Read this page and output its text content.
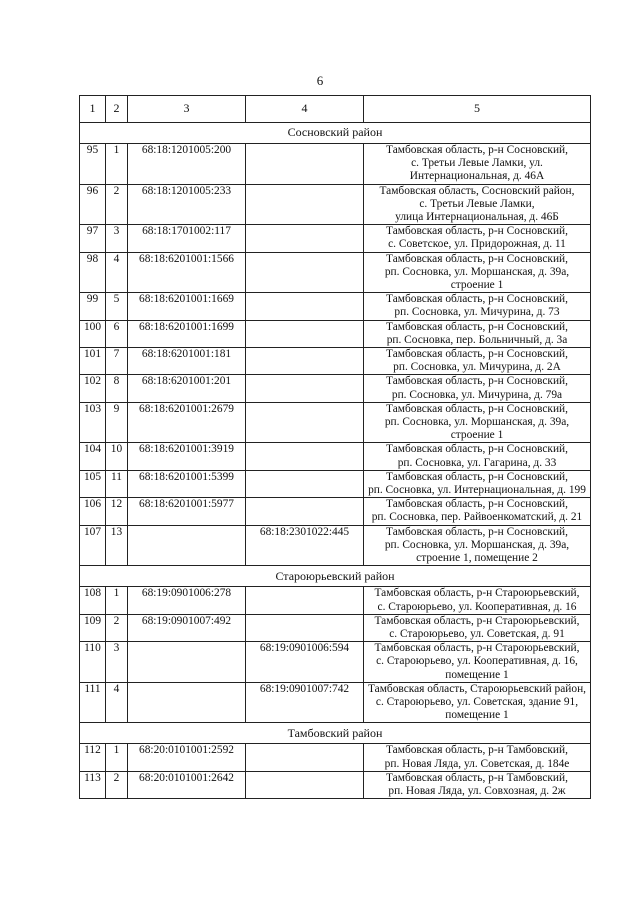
6
1	2	3	4	5
Сосновский район				
95	1	68:18:1201005:200		Тамбовская область, р-н Сосновский,
с. Третьи Левые Ламки, ул.
Интернациональная, д. 46А

96	2	68:18:1201005:233		Тамбовская область, Сосновский район,
с. Третьи Левые Ламки,
улица Интернациональная, д. 46Б

97	3	68:18:1701002:117		Тамбовская область, р-н Сосновский,
с. Советское, ул. Придорожная, д. 11

98	4	68:18:6201001:1566		Тамбовская область, р-н Сосновский,
рп. Сосновка, ул. Моршанская, д. 39а,
строение 1

99	5	68:18:6201001:1669		Тамбовская область, р-н Сосновский,
рп. Сосновка, ул. Мичурина, д. 73

100	6	68:18:6201001:1699		Тамбовская область, р-н Сосновский,
рп. Сосновка, пер. Больничный, д. 3а

101	7	68:18:6201001:181		Тамбовская область, р-н Сосновский,
рп. Сосновка, ул. Мичурина, д. 2А

102	8	68:18:6201001:201		Тамбовская область, р-н Сосновский,
рп. Сосновка, ул. Мичурина, д. 79а

103	9	68:18:6201001:2679		Тамбовская область, р-н Сосновский,
рп. Сосновка, ул. Моршанская, д. 39а,
строение 1

104	10	68:18:6201001:3919		Тамбовская область, р-н Сосновский,
рп. Сосновка, ул. Гагарина, д. 33

105	11	68:18:6201001:5399		Тамбовская область, р-н Сосновский,
рп. Сосновка, ул. Интернациональная, д. 199

106	12	68:18:6201001:5977		Тамбовская область, р-н Сосновский,
рп. Сосновка, пер. Райвоенкоматский, д. 21

107	13		68:18:2301022:445	Тамбовская область, р-н Сосновский,
рп. Сосновка, ул. Моршанская, д. 39а,
строение 1, помещение 2

Староюрьевский район				
108	1	68:19:0901006:278		Тамбовская область, р-н Староюрьевский,
с. Староюрьево, ул. Кооперативная, д. 16

109	2	68:19:0901007:492		Тамбовская область, р-н Староюрьевский,
с. Староюрьево, ул. Советская, д. 91

110	3		68:19:0901006:594	Тамбовская область, р-н Староюрьевский,
с. Староюрьево, ул. Кооперативная, д. 16,
помещение 1

111	4		68:19:0901007:742	Тамбовская область, Староюрьевский район,
с. Староюрьево, ул. Советская, здание 91,
помещение 1

Тамбовский район				
112	1	68:20:0101001:2592		Тамбовская область, р-н Тамбовский,
рп. Новая Ляда, ул. Советская, д. 184е

113	2	68:20:0101001:2642		Тамбовская область, р-н Тамбовский,
рп. Новая Ляда, ул. Совхозная, д. 2ж
